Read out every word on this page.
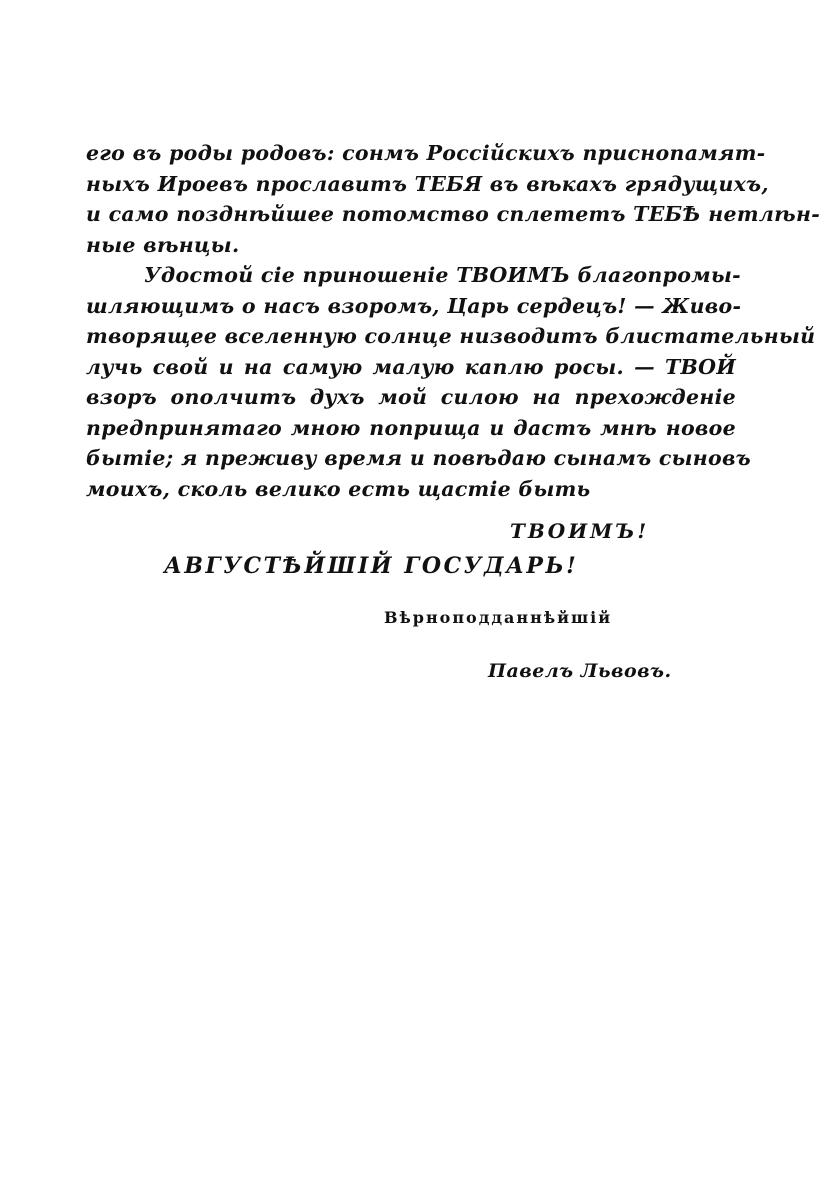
его въ роды родовъ: сонмъ Россійскихъ приснопамят-
ныхъ Ироевъ прославитъ ТЕБЯ въ вѣкахъ грядущихъ,
и само позднѣйшее потомство сплететъ ТЕБѢ нетлѣн-
ные вѣнцы.
Удостой сіе приношеніе ТВОИМЪ благопромы-
шляющимъ о насъ взоромъ, Царь сердецъ! — Живо-
творящее вселенную солнце низводитъ блистательный
лучь свой и на самую малую каплю росы. — ТВОЙ
взоръ ополчитъ духъ мой силою на прехожденіе
предпринятаго мною поприща и дастъ мнѣ новое
бытіе; я преживу время и повѣдаю сынамъ сыновъ
моихъ, сколь велико есть щастіе быть
ТВОИМЪ!
АВГУСТѢЙШІЙ ГОСУДАРЬ!
Вѣрноподданнѣйшій
Павелъ Львовъ.
